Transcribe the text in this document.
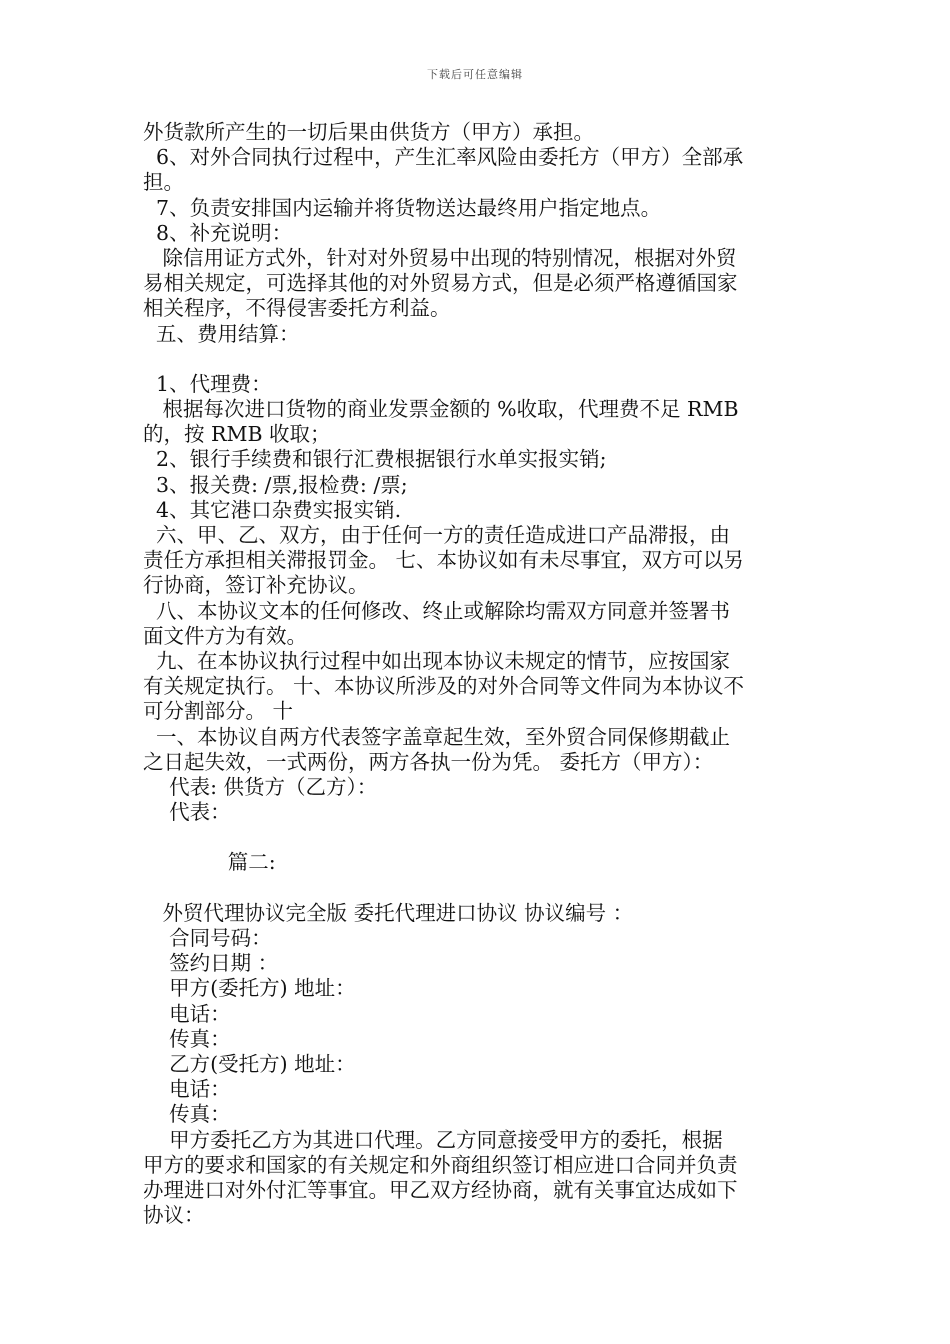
下载后可任意编辑
外货款所产生的一切后果由供货方（甲方）承担。
6、对外合同执行过程中，产生汇率风险由委托方（甲方）全部承
担。
7、负责安排国内运输并将货物送达最终用户指定地点。
8、补充说明：
除信用证方式外，针对对外贸易中出现的特别情况，根据对外贸
易相关规定，可选择其他的对外贸易方式，但是必须严格遵循国家
相关程序，不得侵害委托方利益。
五、费用结算：
1、代理费：
根据每次进口货物的商业发票金额的 %收取，代理费不足 RMB
的，按 RMB 收取；
2、银行手续费和银行汇费根据银行水单实报实销;
3、报关费: /票,报检费: /票;
4、其它港口杂费实报实销.
六、甲、乙、双方，由于任何一方的责任造成进口产品滞报，由
责任方承担相关滞报罚金。 七、本协议如有未尽事宜，双方可以另
行协商，签订补充协议。
八、本协议文本的任何修改、终止或解除均需双方同意并签署书
面文件方为有效。
九、在本协议执行过程中如出现本协议未规定的情节，应按国家
有关规定执行。 十、本协议所涉及的对外合同等文件同为本协议不
可分割部分。 十
一、本协议自两方代表签字盖章起生效，至外贸合同保修期截止
之日起失效，一式两份，两方各执一份为凭。 委托方（甲方）：
代表: 供货方（乙方）：
代表：
篇二:
外贸代理协议完全版 委托代理进口协议 协议编号 ：
合同号码：
签约日期 ：
甲方(委托方) 地址：
电话：
传真：
乙方(受托方) 地址：
电话：
传真：
甲方委托乙方为其进口代理。乙方同意接受甲方的委托，根据
甲方的要求和国家的有关规定和外商组织签订相应进口合同并负责
办理进口对外付汇等事宜。甲乙双方经协商，就有关事宜达成如下
协议：
